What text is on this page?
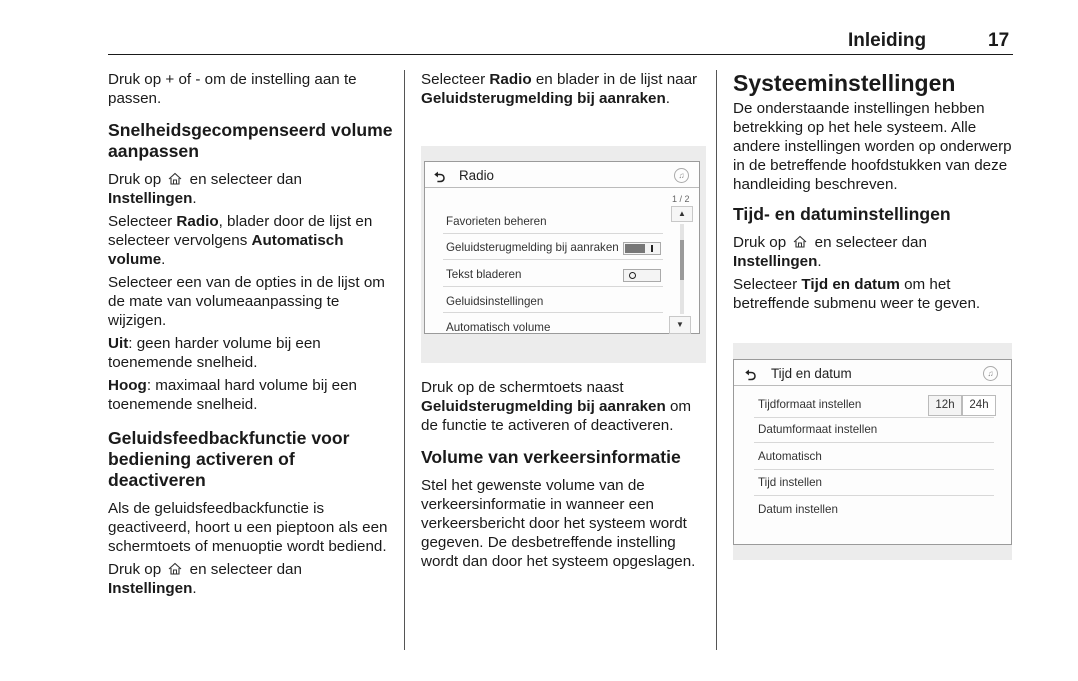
Inleiding	17

Druk op + of - om de instelling aan te passen.

Snelheidsgecompenseerd volume aanpassen

Druk op en selecteer dan Instellingen.

Selecteer Radio, blader door de lijst en selecteer vervolgens Automatisch volume.

Selecteer een van de opties in de lijst om de mate van volumeaanpassing te wijzigen.

Uit: geen harder volume bij een toenemende snelheid.

Hoog: maximaal hard volume bij een toenemende snelheid.

Geluidsfeedbackfunctie voor bediening activeren of deactiveren

Als de geluidsfeedbackfunctie is geactiveerd, hoort u een pieptoon als een schermtoets of menuoptie wordt bediend.

Druk op en selecteer dan
Instellingen.

Selecteer Radio en blader in de lijst naar Geluidsterugmelding bij aanraken.

⮌ Radio	♫
1 / 2
▲
▼
Favorieten beheren
Geluidsterugmelding bij aanraken
Tekst bladeren
Geluidsinstellingen
Automatisch volume

Druk op de schermtoets naast
Geluidsterugmelding bij aanraken om de functie te activeren of deactiveren.

Volume van verkeersinformatie

Stel het gewenste volume van de verkeersinformatie in wanneer een verkeersbericht door het systeem wordt gegeven. De desbetreffende instelling wordt dan door het systeem opgeslagen.

Systeeminstellingen

De onderstaande instellingen hebben betrekking op het hele systeem. Alle andere instellingen worden op onderwerp in de betreffende hoofdstukken van deze handleiding beschreven.

Tijd- en datuminstellingen

Druk op en selecteer dan
Instellingen.

Selecteer Tijd en datum om het betreffende submenu weer te geven.

⮌ Tijd en datum	♫
Tijdformaat instellen	12h	24h
Datumformaat instellen
Automatisch
Tijd instellen
Datum instellen
